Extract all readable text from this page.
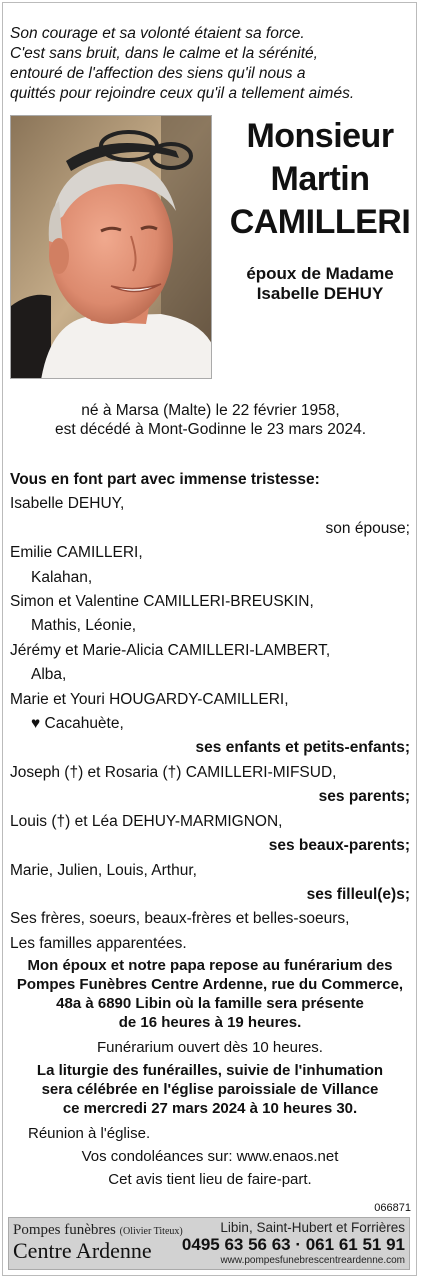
Son courage et sa volonté étaient sa force.
C'est sans bruit, dans le calme et la sérénité,
entouré de l'affection des siens qu'il nous a
quittés pour rejoindre ceux qu'il a tellement aimés.
Monsieur
Martin
CAMILLERI
époux de Madame
Isabelle DEHUY
né à Marsa (Malte) le 22 février 1958,
est décédé à Mont-Godinne le 23 mars 2024.
Vous en font part avec immense tristesse:
Isabelle DEHUY,
son épouse;
Emilie CAMILLERI,
Kalahan,
Simon et Valentine CAMILLERI-BREUSKIN,
Mathis, Léonie,
Jérémy et Marie-Alicia CAMILLERI-LAMBERT,
Alba,
Marie et Youri HOUGARDY-CAMILLERI,
♥ Cacahuète,
ses enfants et petits-enfants;
Joseph (†) et Rosaria (†) CAMILLERI-MIFSUD,
ses parents;
Louis (†) et Léa DEHUY-MARMIGNON,
ses beaux-parents;
Marie, Julien, Louis, Arthur,
ses filleul(e)s;
Ses frères, soeurs, beaux-frères et belles-soeurs,
Les familles apparentées.
Mon époux et notre papa repose au funérarium des
Pompes Funèbres Centre Ardenne, rue du Commerce,
48a à 6890 Libin où la famille sera présente
de 16 heures à 19 heures.
Funérarium ouvert dès 10 heures.
La liturgie des funérailles, suivie de l'inhumation
sera célébrée en l'église paroissiale de Villance
ce mercredi 27 mars 2024 à 10 heures 30.
Réunion à l'église.
Vos condoléances sur: www.enaos.net
Cet avis tient lieu de faire-part.
066871
Pompes funèbres (Olivier Titeux)
Centre Ardenne
Libin, Saint-Hubert et Forrières
0495 63 56 63 · 061 61 51 91
www.pompesfunebrescentreardenne.com
